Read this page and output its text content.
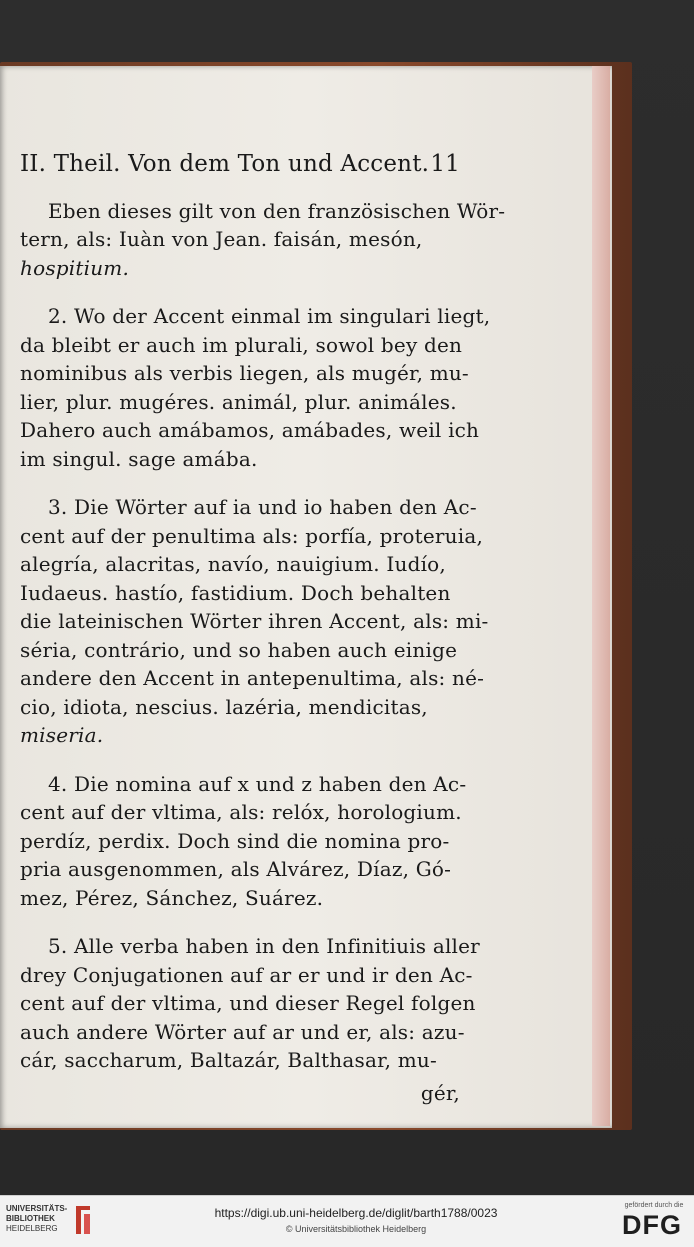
II. Theil. Von dem Ton und Accent. 11
Eben dieses gilt von den französischen Wör-
tern, als: Iuàn von Jean. faisán, mesón,
hospitium.
2. Wo der Accent einmal im singulari liegt,
da bleibt er auch im plurali, sowol bey den
nominibus als verbis liegen, als mugér, mu-
lier, plur. mugéres. animál, plur. animáles.
Dahero auch amábamos, amábades, weil ich
im singul. sage amába.
3. Die Wörter auf ia und io haben den Ac-
cent auf der penultima als: porfía, proteruia,
alegría, alacritas, navío, nauigium. Iudío,
Iudaeus. hastío, fastidium. Doch behalten
die lateinischen Wörter ihren Accent, als: mi-
séria, contrário, und so haben auch einige
andere den Accent in antepenultima, als: né-
cio, idiota, nescius. lazéria, mendicitas,
miseria.
4. Die nomina auf x und z haben den Ac-
cent auf der vltima, als: relóx, horologium.
perdíz, perdix. Doch sind die nomina pro-
pria ausgenommen, als Alvárez, Díaz, Gó-
mez, Pérez, Sánchez, Suárez.
5. Alle verba haben in den Infinitiuis aller
drey Conjugationen auf ar er und ir den Ac-
cent auf der vltima, und dieser Regel folgen
auch andere Wörter auf ar und er, als: azu-
cár, saccharum, Baltazár, Balthasar, mu-
gér,
UNIVERSITÄTS-
BIBLIOTHEK
HEIDELBERG
https://digi.ub.uni-heidelberg.de/diglit/barth1788/0023
© Universitätsbibliothek Heidelberg
gefördert durch die
DFG
